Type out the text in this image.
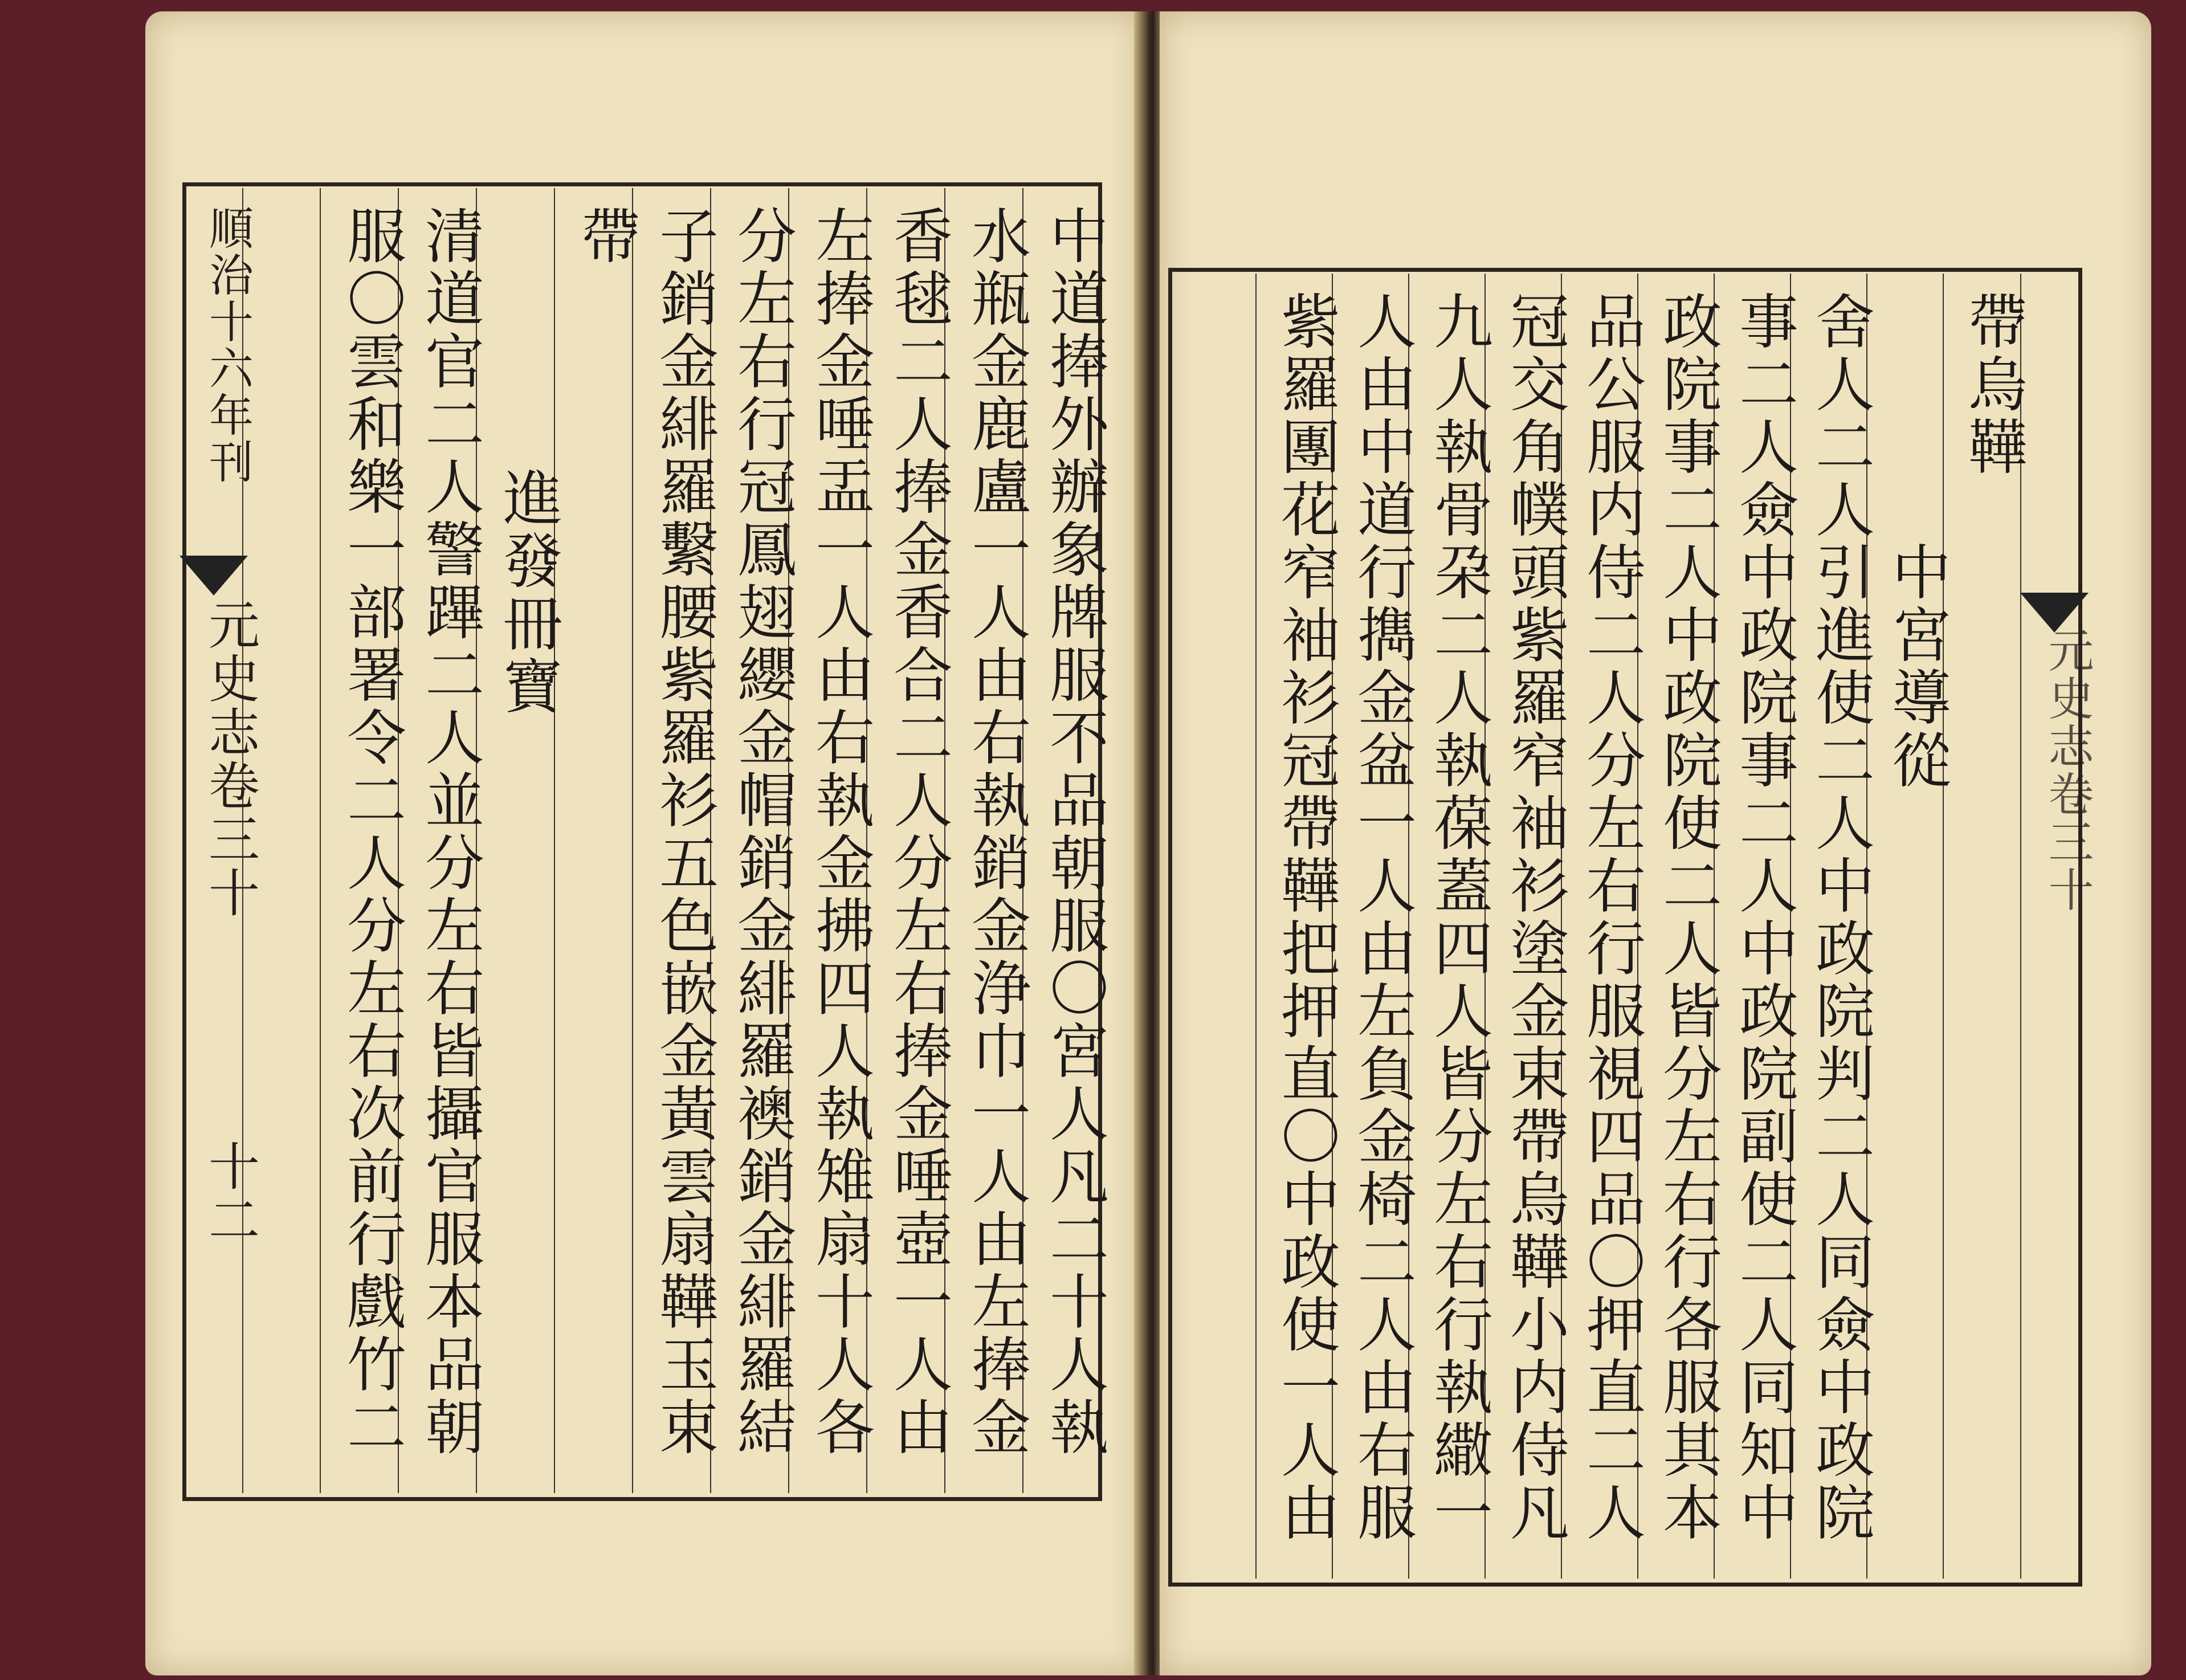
順治十六年刊
元史志卷三十
十二	中道捧外辦象牌服不品朝服〇宮人凡二十人執
水瓶金鹿盧一人由右執銷金浄巾一人由左捧金
香毬二人捧金香合二人分左右捧金唾壺一人由
左捧金唾盂一人由右執金拂四人執雉扇十人各
分左右行冠鳳翅纓金帽銷金緋羅襖銷金緋羅結
子銷金緋羅繫腰紫羅衫五色嵌金黃雲扇鞾玉束
帶
進發冊寶
清道官二人警蹕二人並分左右皆攝官服本品朝
服〇雲和樂一部署令二人分左右次前行戲竹二	元史志卷三十
帶烏鞾
中宮導從
舍人二人引進使二人中政院判二人同僉中政院
事二人僉中政院事二人中政院副使二人同知中
政院事二人中政院使二人皆分左右行各服其本
品公服内侍二人分左右行服視四品〇押直二人
冠交角幞頭紫羅窄袖衫塗金束帶烏鞾小内侍凡
九人執骨朶二人執葆蓋四人皆分左右行執繖一
人由中道行擕金盆一人由左負金椅二人由右服
紫羅團花窄袖衫冠帶鞾把押直〇中政使一人由
